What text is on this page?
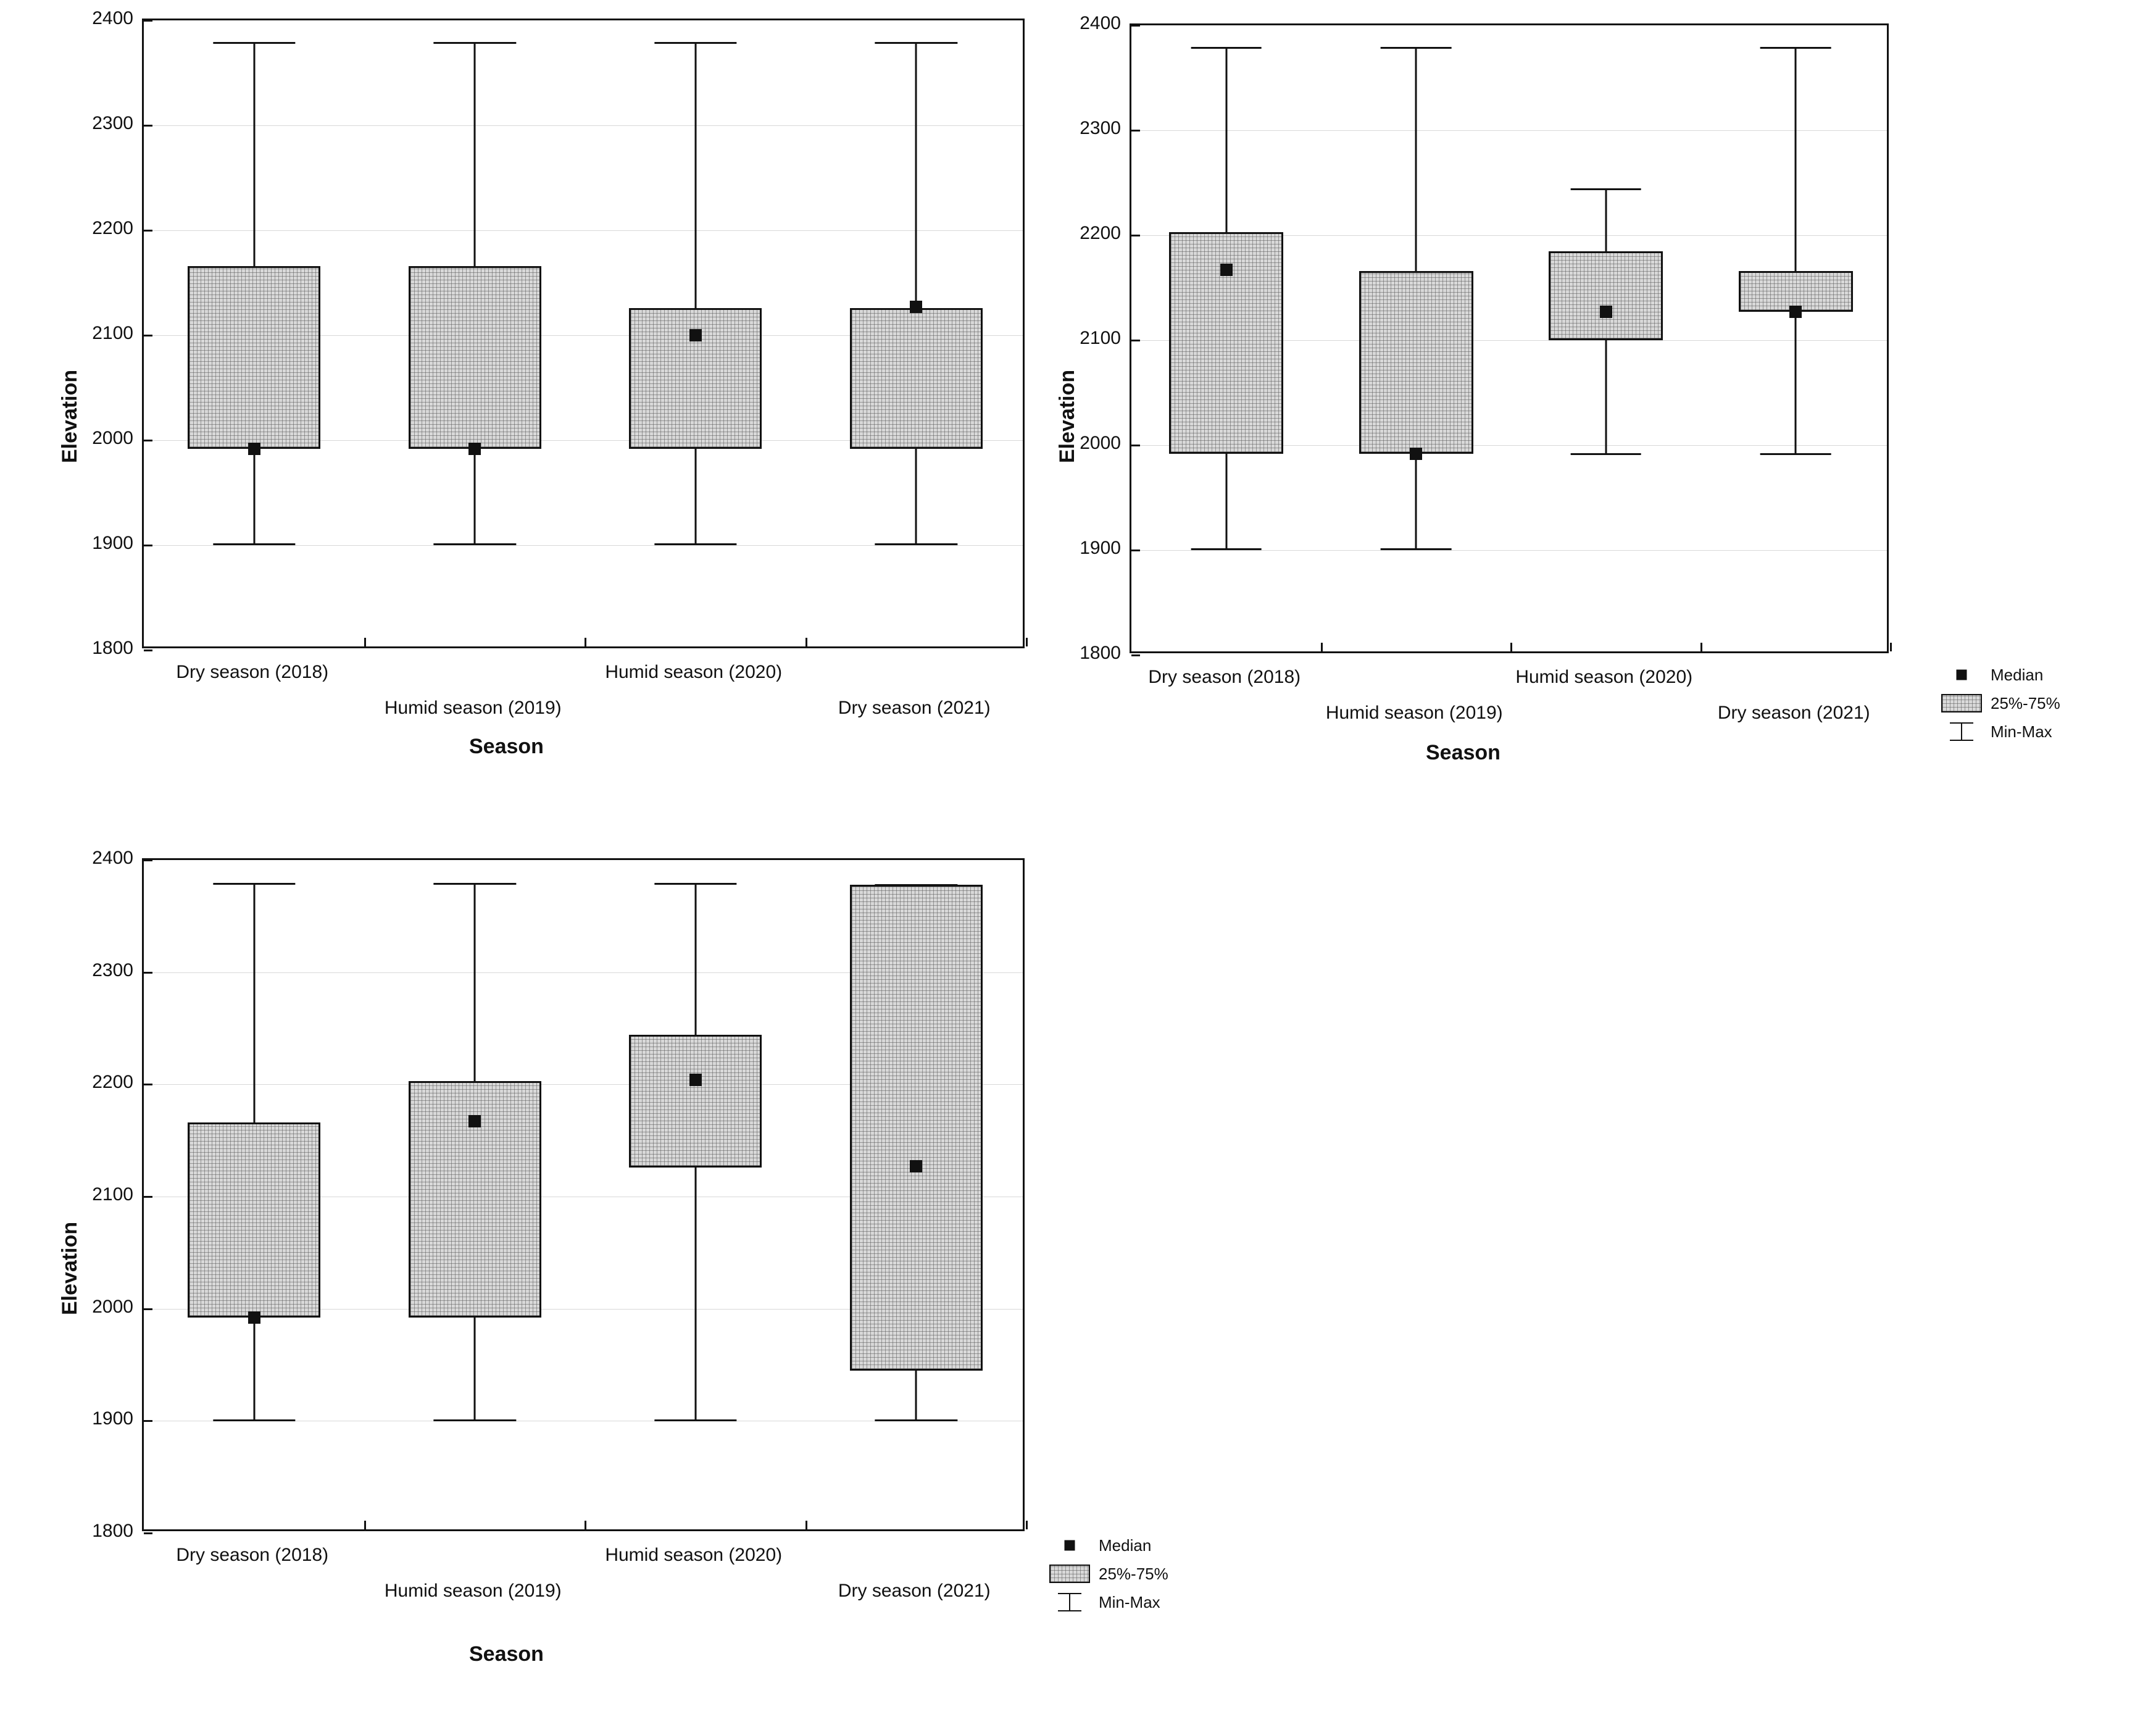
Elevation
Season
1800
1900
2000
2100
2200
2300
2400
Dry season (2018)
Humid season (2019)
Humid season (2020)
Dry season (2021)
Elevation
Season
Median
25%-75%
Min-Max
1800
1900
2000
2100
2200
2300
2400
Dry season (2018)
Humid season (2019)
Humid season (2020)
Dry season (2021)
Elevation
Season
Median
25%-75%
Min-Max
1800
1900
2000
2100
2200
2300
2400
Dry season (2018)
Humid season (2019)
Humid season (2020)
Dry season (2021)
